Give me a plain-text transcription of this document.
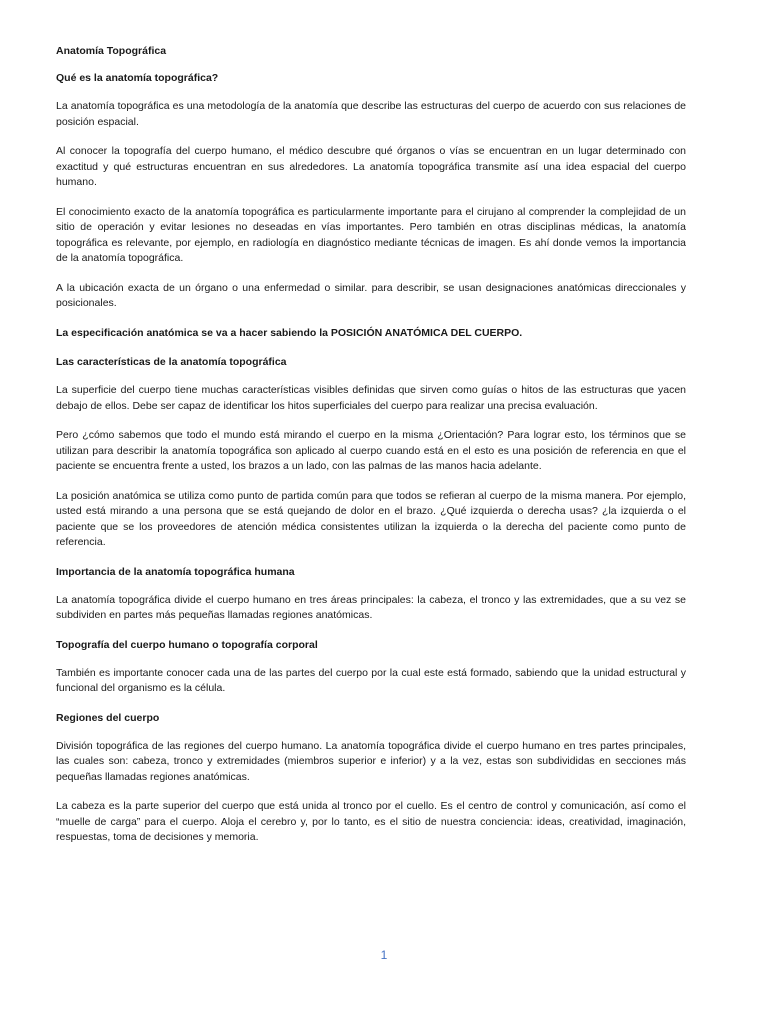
Anatomía Topográfica
Qué es la anatomía topográfica?

La anatomía topográfica es una metodología de la anatomía que describe las estructuras del cuerpo de acuerdo con sus relaciones de posición espacial.

Al conocer la topografía del cuerpo humano, el médico descubre qué órganos o vías se encuentran en un lugar determinado con exactitud y qué estructuras encuentran en sus alrededores. La anatomía topográfica transmite así una idea espacial del cuerpo humano.

El conocimiento exacto de la anatomía topográfica es particularmente importante para el cirujano al comprender la complejidad de un sitio de operación y evitar lesiones no deseadas en vías importantes. Pero también en otras disciplinas médicas, la anatomía topográfica es relevante, por ejemplo, en radiología en diagnóstico mediante técnicas de imagen. Es ahí donde vemos la importancia de la anatomía topográfica.

A la ubicación exacta de un órgano o una enfermedad o similar. para describir, se usan designaciones anatómicas direccionales y posicionales.

La especificación anatómica se va a hacer sabiendo la POSICIÓN ANATÓMICA DEL CUERPO.

Las características de la anatomía topográfica

La superficie del cuerpo tiene muchas características visibles definidas que sirven como guías o hitos de las estructuras que yacen debajo de ellos. Debe ser capaz de identificar los hitos superficiales del cuerpo para realizar una precisa evaluación.

Pero ¿cómo sabemos que todo el mundo está mirando el cuerpo en la misma ¿Orientación? Para lograr esto, los términos que se utilizan para describir la anatomía topográfica son aplicado al cuerpo cuando está en el esto es una posición de referencia en que el paciente se encuentra frente a usted, los brazos a un lado, con las palmas de las manos hacia adelante.

La posición anatómica se utiliza como punto de partida común para que todos se refieran al cuerpo de la misma manera. Por ejemplo, usted está mirando a una persona que se está quejando de dolor en el brazo. ¿Qué izquierda o derecha usas? ¿la izquierda o el paciente que se los proveedores de atención médica consistentes utilizan la izquierda o la derecha del paciente como punto de referencia.

Importancia de la anatomía topográfica humana

La anatomía topográfica divide el cuerpo humano en tres áreas principales: la cabeza, el tronco y las extremidades, que a su vez se subdividen en partes más pequeñas llamadas regiones anatómicas.

Topografía del cuerpo humano o topografía corporal

También es importante conocer cada una de las partes del cuerpo por la cual este está formado, sabiendo que la unidad estructural y funcional del organismo es la célula.

Regiones del cuerpo

División topográfica de las regiones del cuerpo humano. La anatomía topográfica divide el cuerpo humano en tres partes principales, las cuales son: cabeza, tronco y extremidades (miembros superior e inferior) y a la vez, estas son subdivididas en secciones más pequeñas llamadas regiones anatómicas.

La cabeza es la parte superior del cuerpo que está unida al tronco por el cuello. Es el centro de control y comunicación, así como el “muelle de carga” para el cuerpo. Aloja el cerebro y, por lo tanto, es el sitio de nuestra conciencia: ideas, creatividad, imaginación, respuestas, toma de decisiones y memoria.

1
